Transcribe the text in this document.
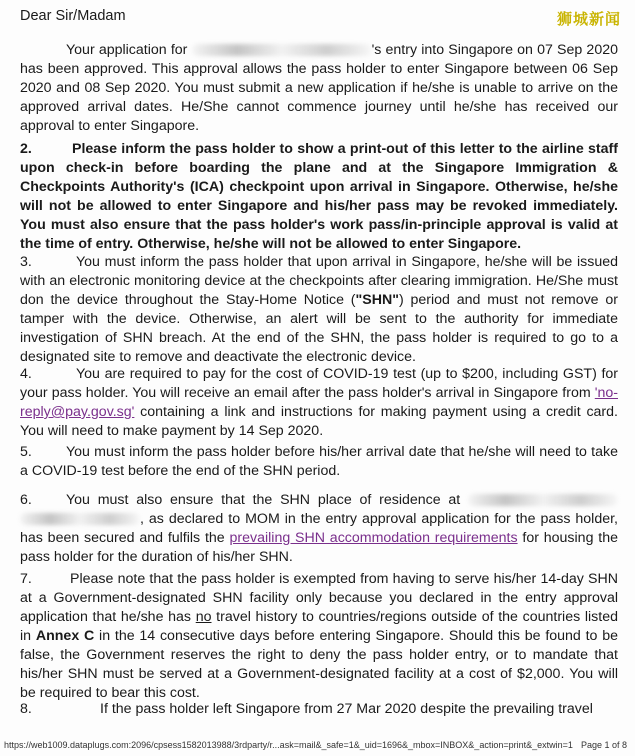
Dear Sir/Madam	狮城新闻
Your application for	's entry into Singapore on 07 Sep 2020 has been approved. This approval allows the pass holder to enter Singapore between 06 Sep 2020 and 08 Sep 2020. You must submit a new application if he/she is unable to arrive on the approved arrival dates. He/She cannot commence journey until he/she has received our approval to enter Singapore.
2.	Please inform the pass holder to show a print-out of this letter to the airline staff upon check-in before boarding the plane and at the Singapore Immigration & Checkpoints Authority's (ICA) checkpoint upon arrival in Singapore. Otherwise, he/she will not be allowed to enter Singapore and his/her pass may be revoked immediately. You must also ensure that the pass holder's work pass/in-principle approval is valid at the time of entry. Otherwise, he/she will not be allowed to enter Singapore.
3.	You must inform the pass holder that upon arrival in Singapore, he/she will be issued with an electronic monitoring device at the checkpoints after clearing immigration. He/She must don the device throughout the Stay-Home Notice ("SHN") period and must not remove or tamper with the device. Otherwise, an alert will be sent to the authority for immediate investigation of SHN breach. At the end of the SHN, the pass holder is required to go to a designated site to remove and deactivate the electronic device.
4.	You are required to pay for the cost of COVID-19 test (up to $200, including GST) for your pass holder. You will receive an email after the pass holder's arrival in Singapore from 'no-reply@pay.gov.sg' containing a link and instructions for making payment using a credit card. You will need to make payment by 14 Sep 2020.
5. You must inform the pass holder before his/her arrival date that he/she will need to take a COVID-19 test before the end of the SHN period.
6. You must also ensure that the SHN place of residence at , as declared to MOM in the entry approval application for the pass holder, has been secured and fulfils the prevailing SHN accommodation requirements for housing the pass holder for the duration of his/her SHN.
7.	Please note that the pass holder is exempted from having to serve his/her 14-day SHN at a Government-designated SHN facility only because you declared in the entry approval application that he/she has no travel history to countries/regions outside of the countries listed in Annex C in the 14 consecutive days before entering Singapore. Should this be found to be false, the Government reserves the right to deny the pass holder entry, or to mandate that his/her SHN must be served at a Government-designated facility at a cost of $2,000. You will be required to bear this cost.
8.	If the pass holder left Singapore from 27 Mar 2020 despite the prevailing travel
https://web1009.dataplugs.com:2096/cpsess1582013988/3rdparty/r...ask=mail&_safe=1&_uid=1696&_mbox=INBOX&_action=print&_extwin=1 Page 1 of 8
